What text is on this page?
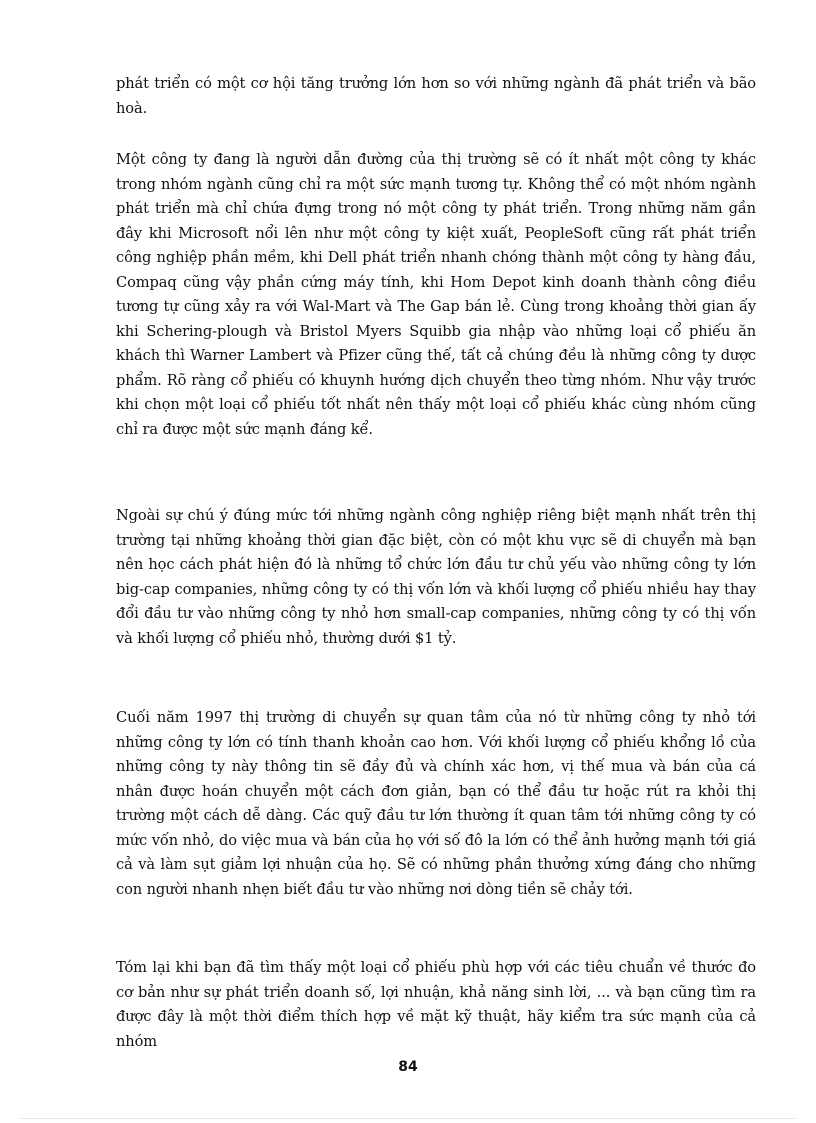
phát triển có một cơ hội tăng trưởng lớn hơn so với những ngành đã phát triển và bão hoà.

Một công ty đang là người dẫn đường của thị trường sẽ có ít nhất một công ty khác trong nhóm ngành cũng chỉ ra một sức mạnh tương tự. Không thể có một nhóm ngành phát triển mà chỉ chứa đựng trong nó một công ty phát triển. Trong những năm gần đây khi Microsoft nổi lên như một công ty kiệt xuất, PeopleSoft cũng rất phát triển công nghiệp phần mềm, khi Dell phát triển nhanh chóng thành một công ty hàng đầu, Compaq cũng vậy phần cứng máy tính, khi Hom Depot kinh doanh thành công điều tương tự cũng xảy ra với Wal-Mart và The Gap bán lẻ. Cùng trong khoảng thời gian ấy khi Schering-plough và Bristol Myers Squibb gia nhập vào những loại cổ phiếu ăn khách thì Warner Lambert và Pfizer cũng thế, tất cả chúng đều là những công ty dược phẩm. Rõ ràng cổ phiếu có khuynh hướng dịch chuyển theo từng nhóm. Như vậy trước khi chọn một loại cổ phiếu tốt nhất nên thấy một loại cổ phiếu khác cùng nhóm cũng chỉ ra được một sức mạnh đáng kể.

Ngoài sự chú ý đúng mức tới những ngành công nghiệp riêng biệt mạnh nhất trên thị trường tại những khoảng thời gian đặc biệt, còn có một khu vực sẽ di chuyển mà bạn nên học cách phát hiện đó là những tổ chức lớn đầu tư chủ yếu vào những công ty lớn big-cap companies, những công ty có thị vốn lớn và khối lượng cổ phiếu nhiều hay thay đổi đầu tư vào những công ty nhỏ hơn small-cap companies, những công ty có thị vốn và khối lượng cổ phiếu nhỏ, thường dưới $1 tỷ.

Cuối năm 1997 thị trường di chuyển sự quan tâm của nó từ những công ty nhỏ tới những công ty lớn có tính thanh khoản cao hơn. Với khối lượng cổ phiếu khổng lồ của những công ty này thông tin sẽ đầy đủ và chính xác hơn, vị thế mua và bán của cá nhân được hoán chuyển một cách đơn giản, bạn có thể đầu tư hoặc rút ra khỏi thị trường một cách dễ dàng. Các quỹ đầu tư lớn thường ít quan tâm tới những công ty có mức vốn nhỏ, do việc mua và bán của họ với số đô la lớn có thể ảnh hưởng mạnh tới giá cả và làm sụt giảm lợi nhuận của họ. Sẽ có những phần thưởng xứng đáng cho những con người nhanh nhẹn biết đầu tư vào những nơi dòng tiền sẽ chảy tới.

Tóm lại khi bạn đã tìm thấy một loại cổ phiếu phù hợp với các tiêu chuẩn về thước đo cơ bản như sự phát triển doanh số, lợi nhuận, khả năng sinh lời, ... và bạn cũng tìm ra được đây là một thời điểm thích hợp về mặt kỹ thuật, hãy kiểm tra sức mạnh của cả nhóm

84
